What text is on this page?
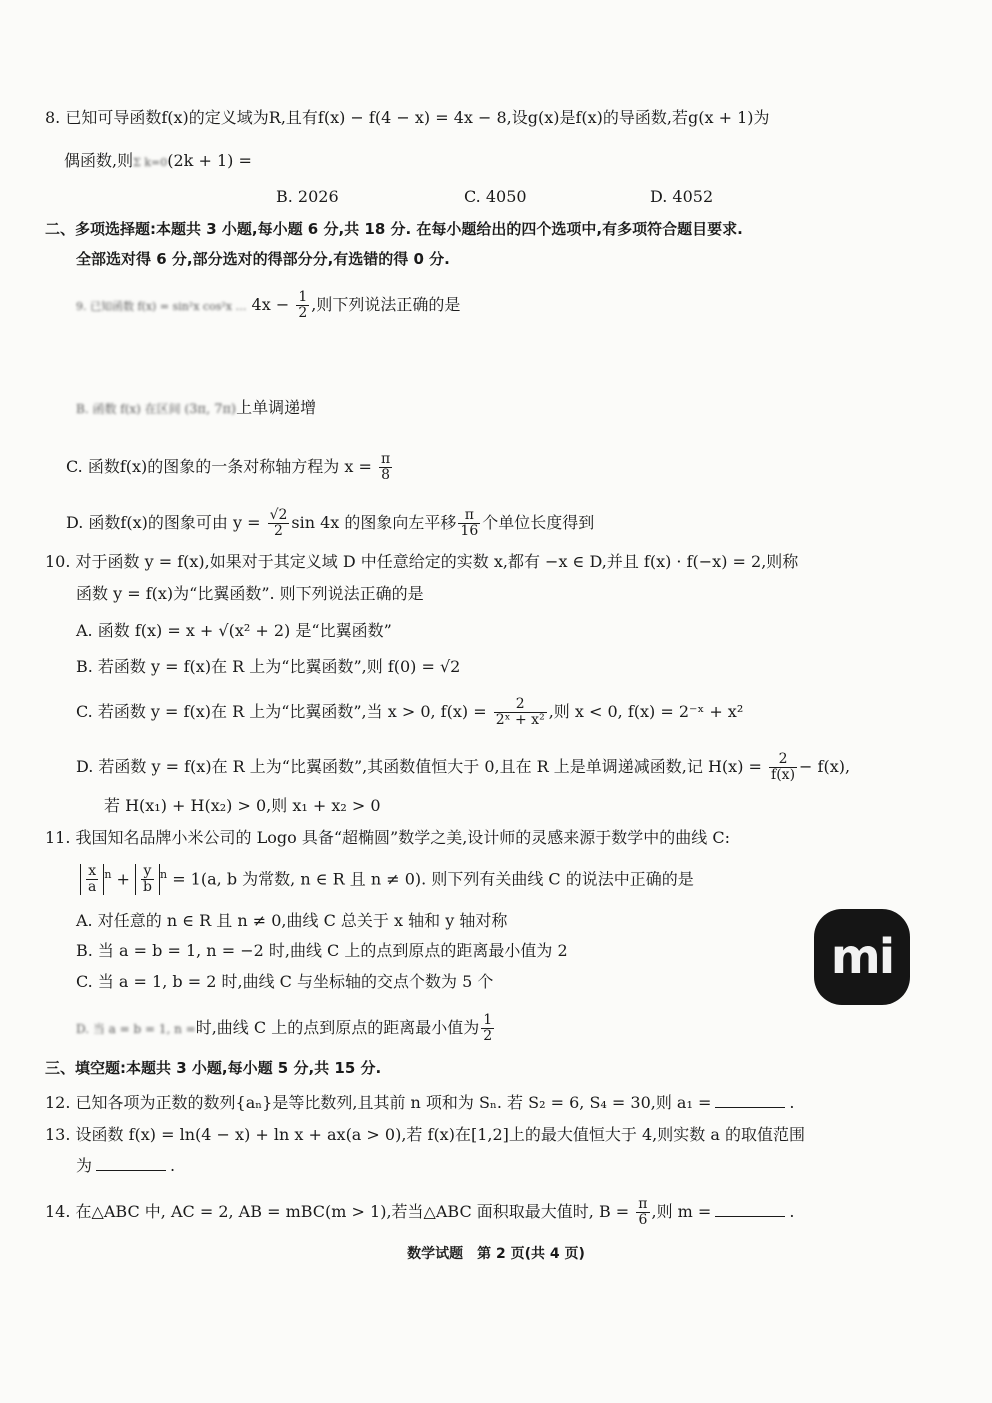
8. 已知可导函数f(x)的定义域为R,且有f(x) − f(4 − x) = 4x − 8,设g(x)是f(x)的导函数,若g(x + 1)为
偶函数,则Σ k=0(2k + 1) =
B. 2026	C. 4050	D. 4052
二、多项选择题:本题共 3 小题,每小题 6 分,共 18 分. 在每小题给出的四个选项中,有多项符合题目要求.
全部选对得 6 分,部分选对的得部分分,有选错的得 0 分.
9. 已知函数 f(x) = sin²x cos²x … $4x - \frac{1}{2}$ ,则下列说法正确的是
B. 函数 f(x) 在区间 (3π, 7π)上单调递增
C. 函数f(x)的图象的一条对称轴方程为 $x = \frac{\pi}{8}$
D. 函数f(x)的图象可由 $y = \frac{√2}{2}$ sin 4x 的图象向左平移 $\frac{\pi}{16}$ 个单位长度得到
10. 对于函数 y = f(x),如果对于其定义域 D 中任意给定的实数 x,都有 −x ∈ D,并且 f(x) · f(−x) = 2,则称
函数 y = f(x)为“比翼函数”. 则下列说法正确的是
A. 函数 f(x) = x + √(x² + 2) 是“比翼函数”
B. 若函数 y = f(x)在 R 上为“比翼函数”,则 f(0) = √2
C. 若函数 y = f(x)在 R 上为“比翼函数”,当 x > 0, $f(x) = \frac{2}{\text{2ˣ + x²}}$ ,则 x < 0, f(x) = 2⁻ˣ + x²
D. 若函数 y = f(x)在 R 上为“比翼函数”,其函数值恒大于 0,且在 R 上是单调递减函数,记 $H(x) = \frac{2}{f(x)} - f(x)$,
若 H(x₁) + H(x₂) > 0,则 x₁ + x₂ > 0
11. 我国知名品牌小米公司的 Logo 具备“超椭圆”数学之美,设计师的灵感来源于数学中的曲线 C:
$\frac{x}{a} ^n + \frac{y}{b} ^n = 1(a$, b 为常数, n ∈ R 且 n ≠ 0). 则下列有关曲线 C 的说法中正确的是
A. 对任意的 n ∈ R 且 n ≠ 0,曲线 C 总关于 x 轴和 y 轴对称
B. 当 a = b = 1, n = −2 时,曲线 C 上的点到原点的距离最小值为 2
C. 当 a = 1, b = 2 时,曲线 C 与坐标轴的交点个数为 5 个
D. 当 a = b = 1, n =时,曲线 C 上的点到原点的距离最小值为 $\frac{1}{2}$
mi
三、填空题:本题共 3 小题,每小题 5 分,共 15 分.
12. 已知各项为正数的数列{aₙ}是等比数列,且其前 n 项和为 Sₙ. 若 S₂ = 6, S₄ = 30,则 a₁ =	.
13. 设函数 f(x) = ln(4 − x) + ln x + ax(a > 0),若 f(x)在[1,2]上的最大值恒大于 4,则实数 a 的取值范围
为	.
14. 在△ABC 中, AC = 2, AB = mBC(m > 1),若当△ABC 面积取最大值时, $B = \frac{\pi}{6}$ ,则 m =	.
数学试题　第 2 页(共 4 页)
